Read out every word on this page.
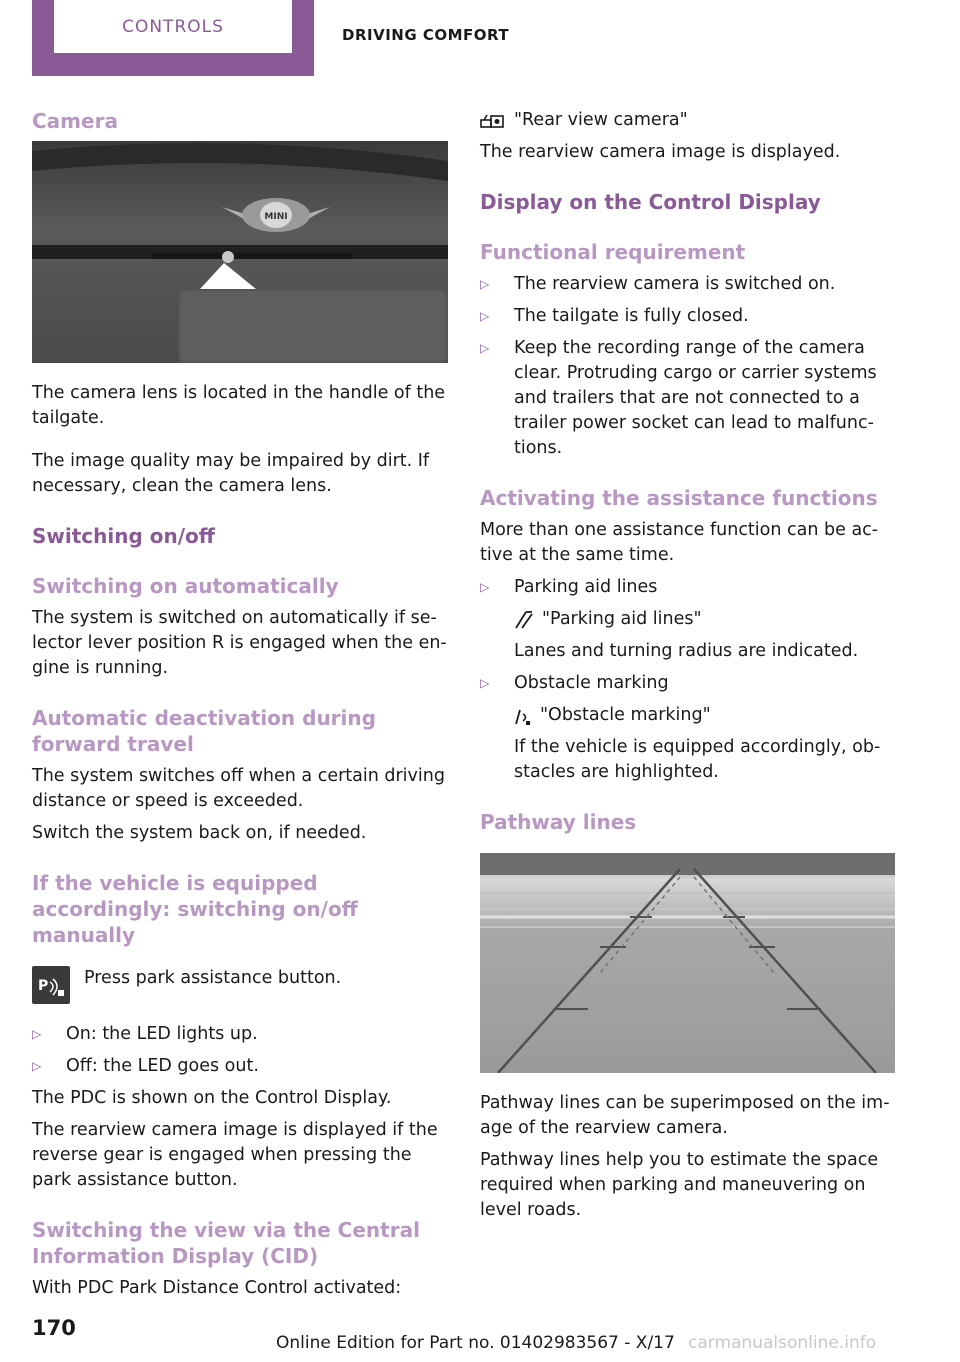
CONTROLS	DRIVING COMFORT
Camera
MINI

The camera lens is located in the handle of the tailgate.

The image quality may be impaired by dirt. If necessary, clean the camera lens.

Switching on/off
Switching on automatically

The system is switched on automatically if se-lector lever position R is engaged when the en-gine is running.

Automatic deactivation during forward travel

The system switches off when a certain driving distance or speed is exceeded.

Switch the system back on, if needed.

If the vehicle is equipped accordingly: switching on/off manually
P Press park assistance button.

▷	On: the LED lights up.
▷	Off: the LED goes out.

The PDC is shown on the Control Display.

The rearview camera image is displayed if the reverse gear is engaged when pressing the park assistance button.

Switching the view via the Central Information Display (CID)

With PDC Park Distance Control activated:

"Rear view camera"

The rearview camera image is displayed.

Display on the Control Display
Functional requirement
▷	The rearview camera is switched on.
▷	The tailgate is fully closed.
▷	Keep the recording range of the camera clear. Protruding cargo or carrier systems and trailers that are not connected to a trailer power socket can lead to malfunc-tions.
Activating the assistance functions

More than one assistance function can be ac-tive at the same time.

▷	Parking aid lines
"Parking aid lines"

Lanes and turning radius are indicated.

▷	Obstacle marking
"Obstacle marking"

If the vehicle is equipped accordingly, ob-stacles are highlighted.

Pathway lines

Pathway lines can be superimposed on the im-age of the rearview camera.

Pathway lines help you to estimate the space required when parking and maneuvering on level roads.

170
Online Edition for Part no. 01402983567 - X/17 carmanualsonline.info
